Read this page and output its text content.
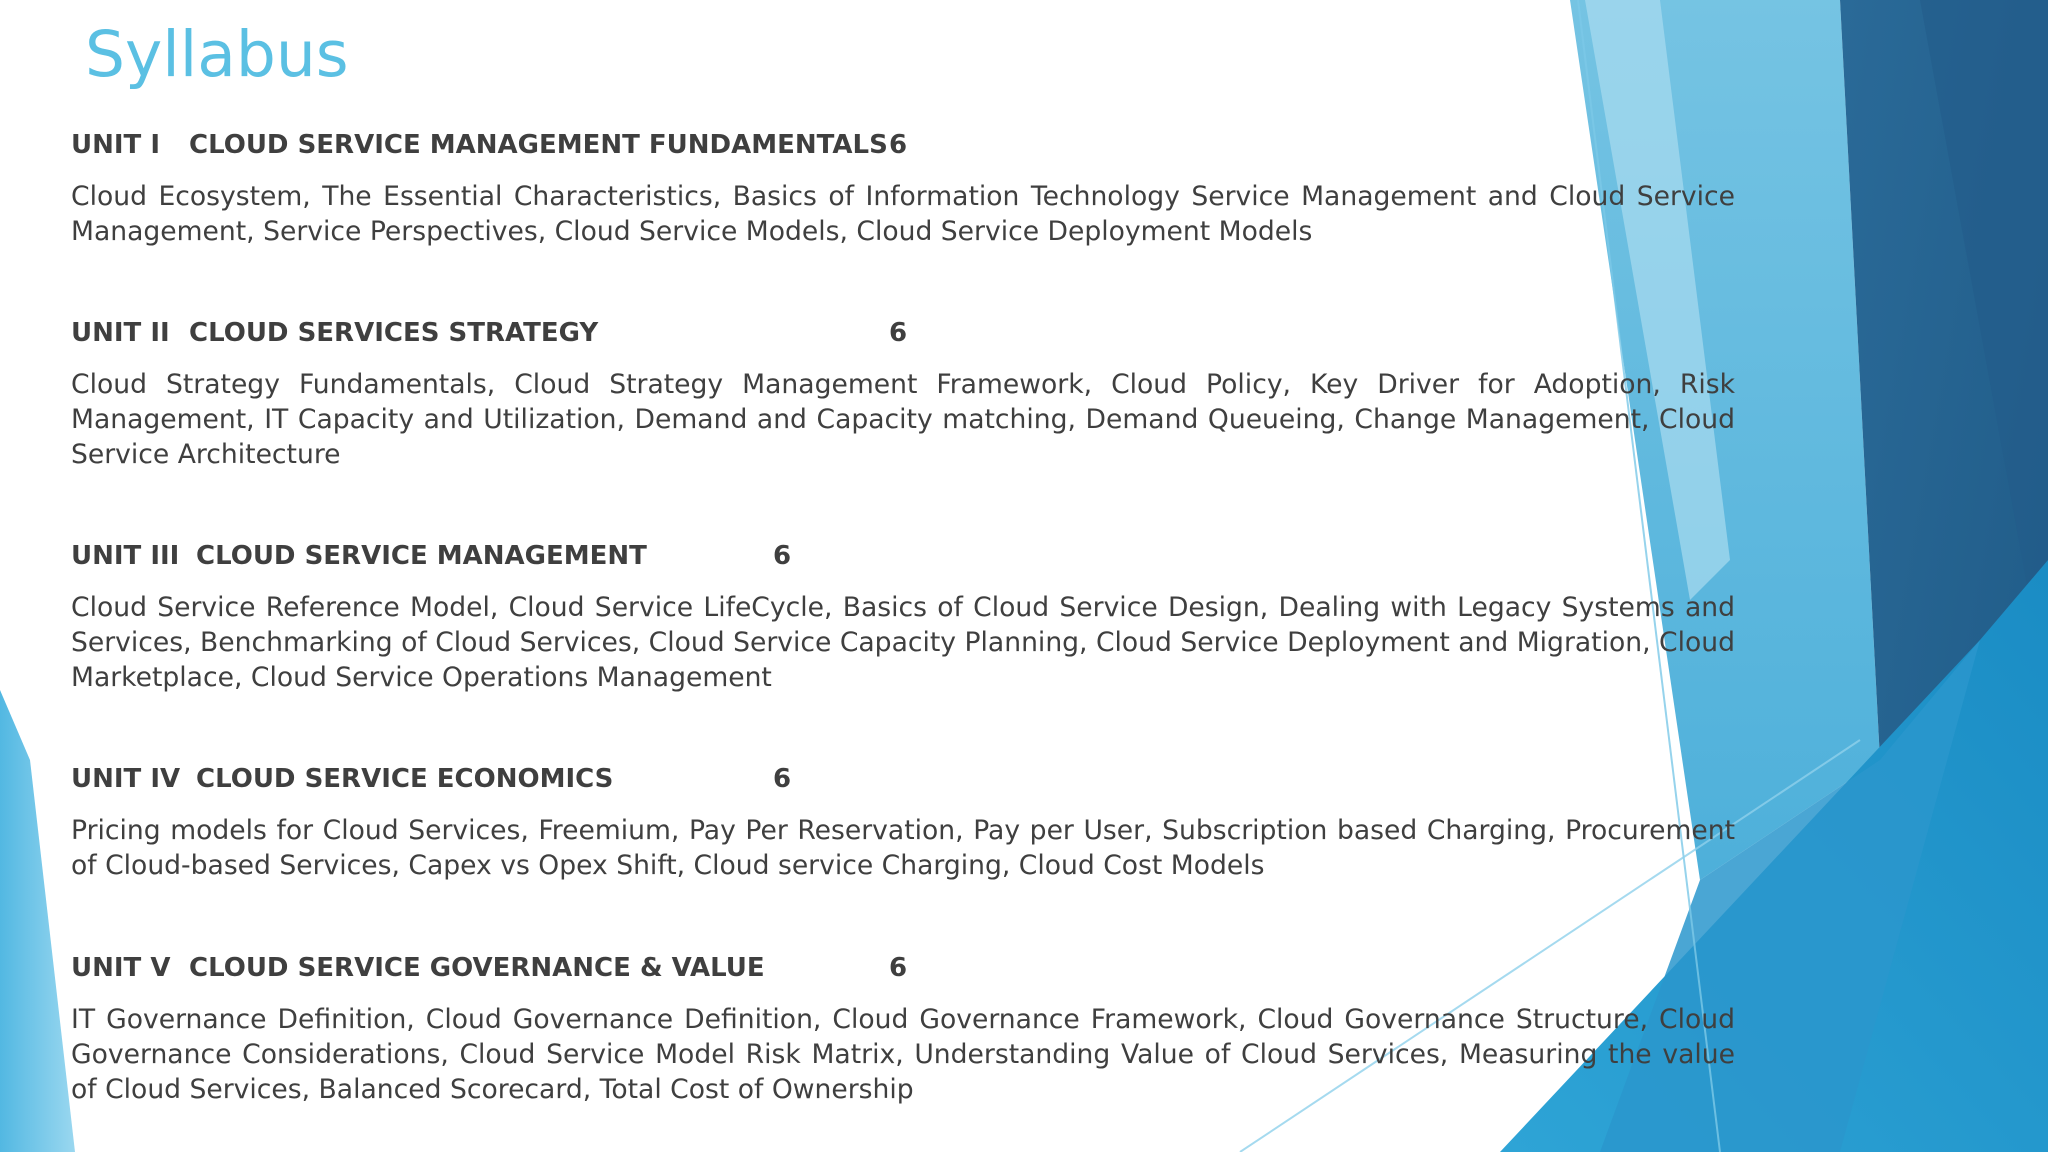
Syllabus
UNIT I CLOUD SERVICE MANAGEMENT FUNDAMENTALS 6
Cloud Ecosystem, The Essential Characteristics, Basics of Information Technology Service Management and Cloud Service Management, Service Perspectives, Cloud Service Models, Cloud Service Deployment Models
UNIT II CLOUD SERVICES STRATEGY	6
Cloud Strategy Fundamentals, Cloud Strategy Management Framework, Cloud Policy, Key Driver for Adoption, Risk Management, IT Capacity and Utilization, Demand and Capacity matching, Demand Queueing, Change Management, Cloud Service Architecture
UNIT III CLOUD SERVICE MANAGEMENT	6
Cloud Service Reference Model, Cloud Service LifeCycle, Basics of Cloud Service Design, Dealing with Legacy Systems and Services, Benchmarking of Cloud Services, Cloud Service Capacity Planning, Cloud Service Deployment and Migration, Cloud Marketplace, Cloud Service Operations Management
UNIT IV CLOUD SERVICE ECONOMICS	6
Pricing models for Cloud Services, Freemium, Pay Per Reservation, Pay per User, Subscription based Charging, Procurement of Cloud-based Services, Capex vs Opex Shift, Cloud service Charging, Cloud Cost Models
UNIT V CLOUD SERVICE GOVERNANCE & VALUE	6
IT Governance Definition, Cloud Governance Definition, Cloud Governance Framework, Cloud Governance Structure, Cloud Governance Considerations, Cloud Service Model Risk Matrix, Understanding Value of Cloud Services, Measuring the value of Cloud Services, Balanced Scorecard, Total Cost of Ownership
